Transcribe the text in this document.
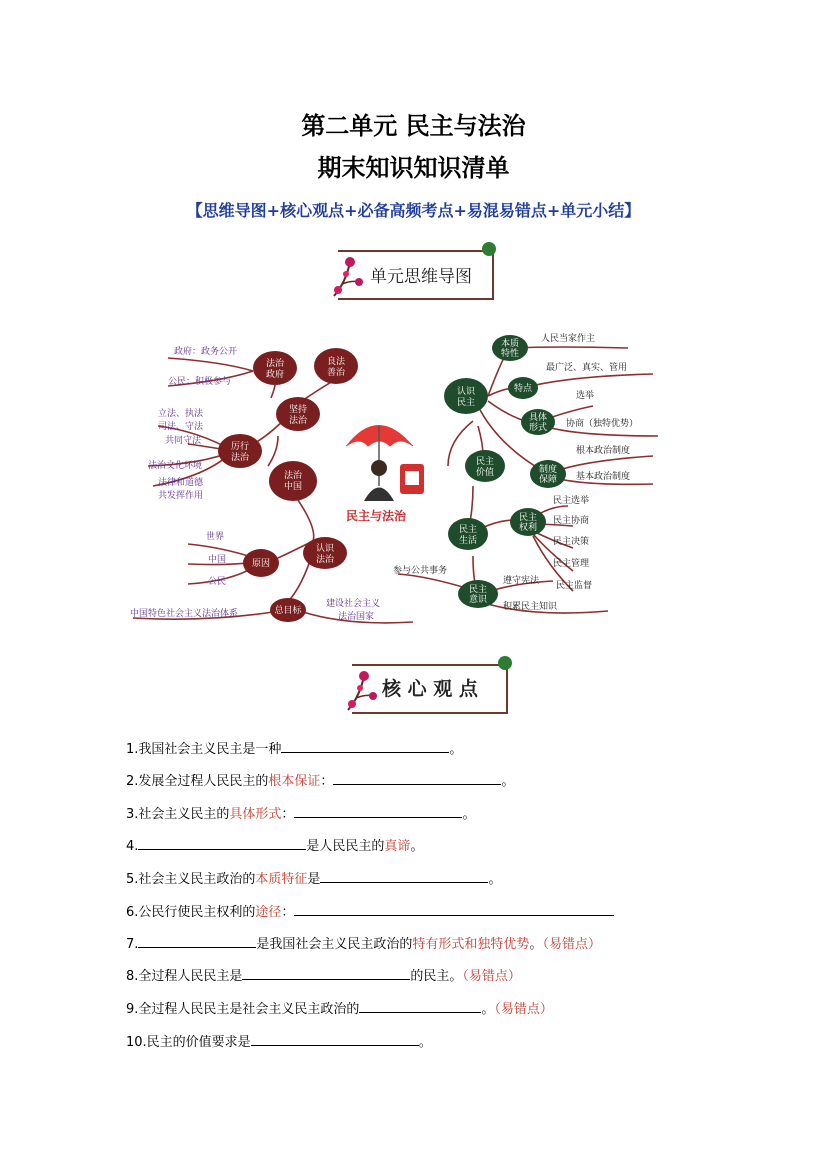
第二单元 民主与法治
期末知识知识清单
【思维导图+核心观点+必备高频考点+易混易错点+单元小结】
单元思维导图
法治
政府
良法
善治
坚持
法治
厉行
法治
法治
中国
认识
法治
原因
总目标
本质
特性
认识
民主
特点
具体
形式
制度
保障
民主
价值
民主
生活
民主
权利
民主
意识
政府：政务公开
公民：积极参与
立法、执法
司法、守法
共同守法
法治文化环境
法律和道德
共发挥作用
世界
中国
公民
中国特色社会主义法治体系
建设社会主义
法治国家
人民当家作主
最广泛、真实、管用
选举
协商（独特优势）
根本政治制度
基本政治制度
民主选举
民主协商
民主决策
民主管理
民主监督
参与公共事务
遵守宪法
积累民主知识
民主与法治
核 心 观 点
1.我国社会主义民主是一种	。
2.发展全过程人民民主的根本保证：	。
3.社会主义民主的具体形式：	。
4.	是人民民主的真谛。
5.社会主义民主政治的本质特征是	。
6.公民行使民主权利的途径：
7.	是我国社会主义民主政治的特有形式和独特优势。（易错点）
8.全过程人民民主是	的民主。（易错点）
9.全过程人民民主是社会主义民主政治的	。（易错点）
10.民主的价值要求是	。
